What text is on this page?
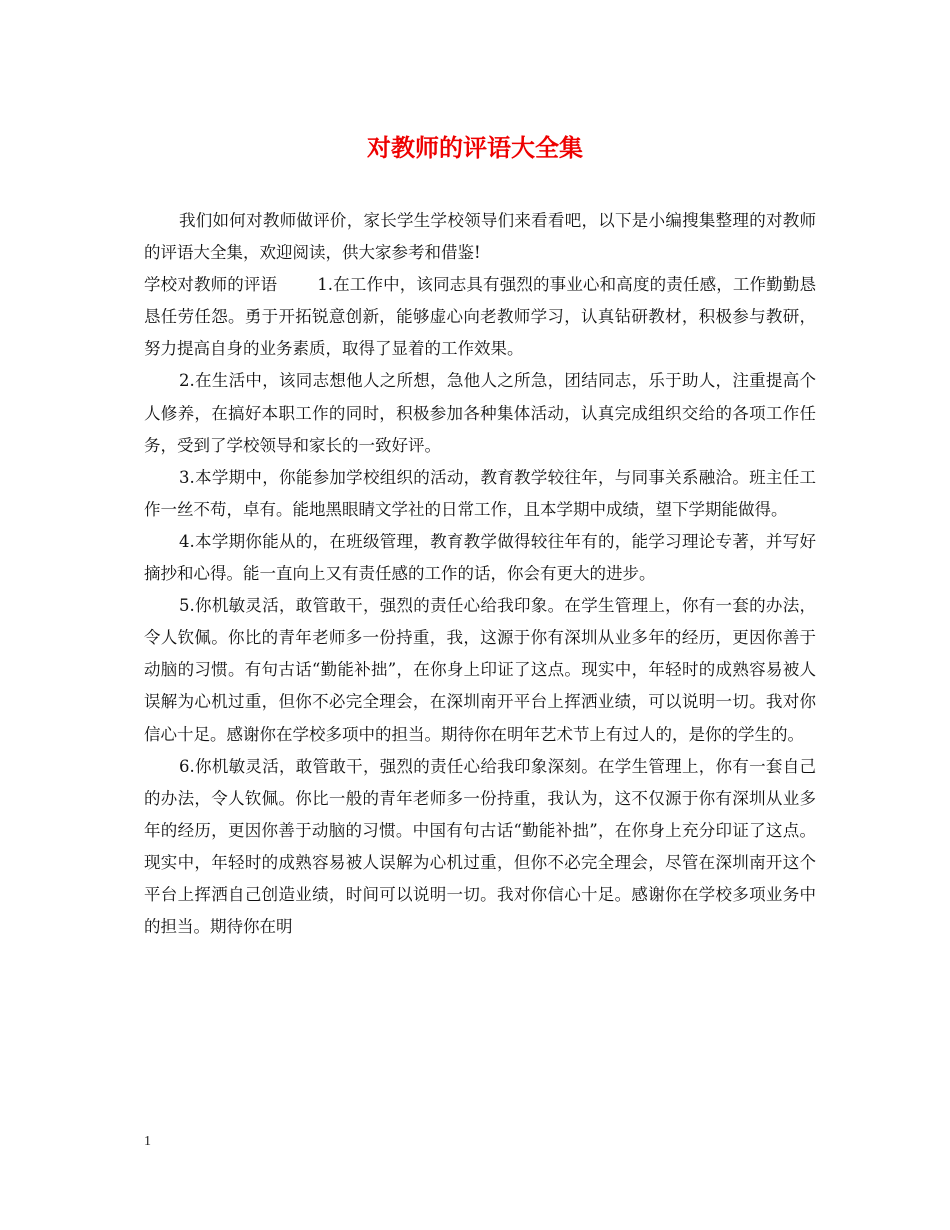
对教师的评语大全集

我们如何对教师做评价，家长学生学校领导们来看看吧，以下是小编搜集整理的对教师的评语大全集，欢迎阅读，供大家参考和借鉴!

学校对教师的评语 1.在工作中，该同志具有强烈的事业心和高度的责任感，工作勤勤恳恳任劳任怨。勇于开拓锐意创新，能够虚心向老教师学习，认真钻研教材，积极参与教研，努力提高自身的业务素质，取得了显着的工作效果。

2.在生活中，该同志想他人之所想，急他人之所急，团结同志，乐于助人，注重提高个人修养，在搞好本职工作的同时，积极参加各种集体活动，认真完成组织交给的各项工作任务，受到了学校领导和家长的一致好评。

3.本学期中，你能参加学校组织的活动，教育教学较往年，与同事关系融洽。班主任工作一丝不苟，卓有。能地黑眼睛文学社的日常工作，且本学期中成绩，望下学期能做得。

4.本学期你能从的，在班级管理，教育教学做得较往年有的，能学习理论专著，并写好摘抄和心得。能一直向上又有责任感的工作的话，你会有更大的进步。

5.你机敏灵活，敢管敢干，强烈的责任心给我印象。在学生管理上，你有一套的办法，令人钦佩。你比的青年老师多一份持重，我，这源于你有深圳从业多年的经历，更因你善于动脑的习惯。有句古话“勤能补拙”，在你身上印证了这点。现实中，年轻时的成熟容易被人误解为心机过重，但你不必完全理会，在深圳南开平台上挥洒业绩，可以说明一切。我对你信心十足。感谢你在学校多项中的担当。期待你在明年艺术节上有过人的，是你的学生的。

6.你机敏灵活，敢管敢干，强烈的责任心给我印象深刻。在学生管理上，你有一套自己的办法，令人钦佩。你比一般的青年老师多一份持重，我认为，这不仅源于你有深圳从业多年的经历，更因你善于动脑的习惯。中国有句古话“勤能补拙”，在你身上充分印证了这点。现实中，年轻时的成熟容易被人误解为心机过重，但你不必完全理会，尽管在深圳南开这个平台上挥洒自己创造业绩，时间可以说明一切。我对你信心十足。感谢你在学校多项业务中的担当。期待你在明

1
